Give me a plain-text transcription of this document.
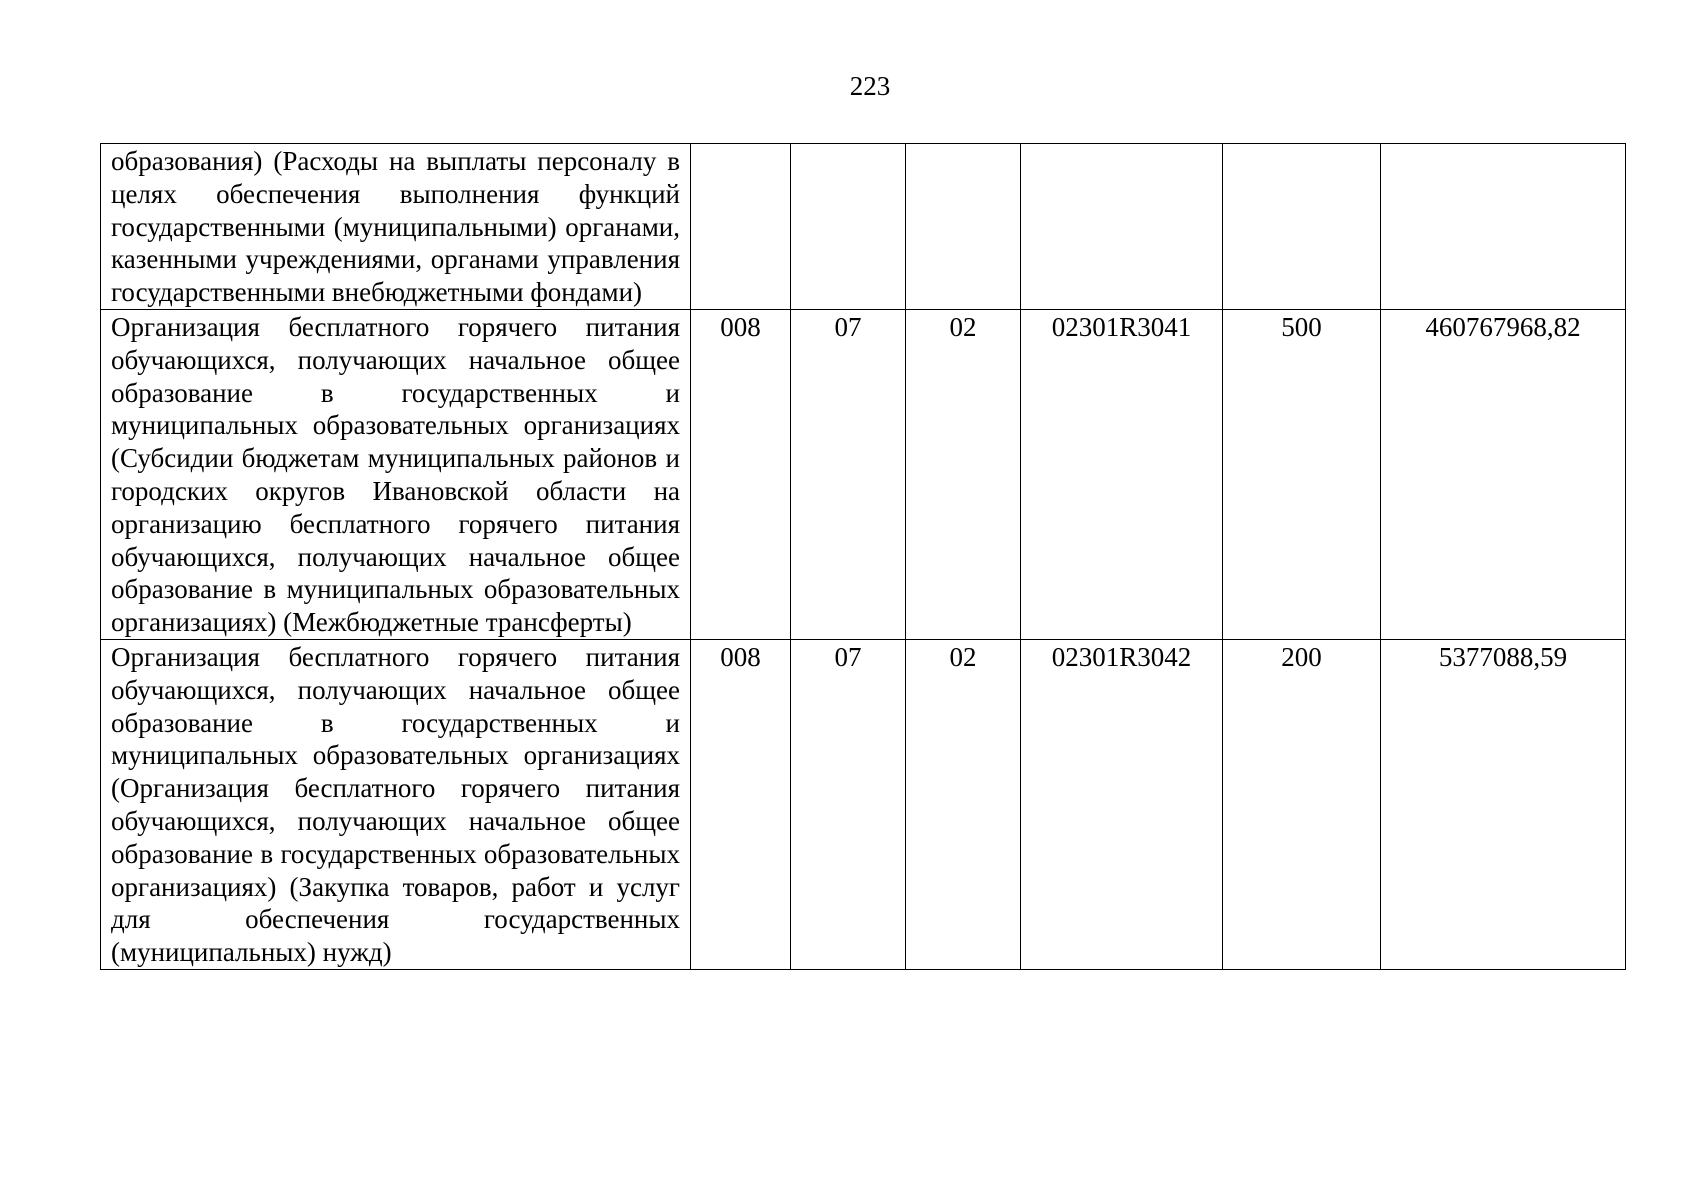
223
образования) (Расходы на выплаты персоналу в целях обеспечения выполнения функций государственными (муниципальными) органами, казенными учреждениями, органами управления государственными внебюджетными фондами)						
Организация бесплатного горячего питания обучающихся, получающих начальное общее образование в государственных и муниципальных образовательных организациях (Субсидии бюджетам муниципальных районов и городских округов Ивановской области на организацию бесплатного горячего питания обучающихся, получающих начальное общее образование в муниципальных образовательных организациях) (Межбюджетные трансферты)	008	07	02	02301R3041	500	460767968,82
Организация бесплатного горячего питания обучающихся, получающих начальное общее образование в государственных и муниципальных образовательных организациях (Организация бесплатного горячего питания обучающихся, получающих начальное общее образование в государственных образовательных организациях) (Закупка товаров, работ и услуг для обеспечения государственных (муниципальных) нужд)	008	07	02	02301R3042	200	5377088,59
